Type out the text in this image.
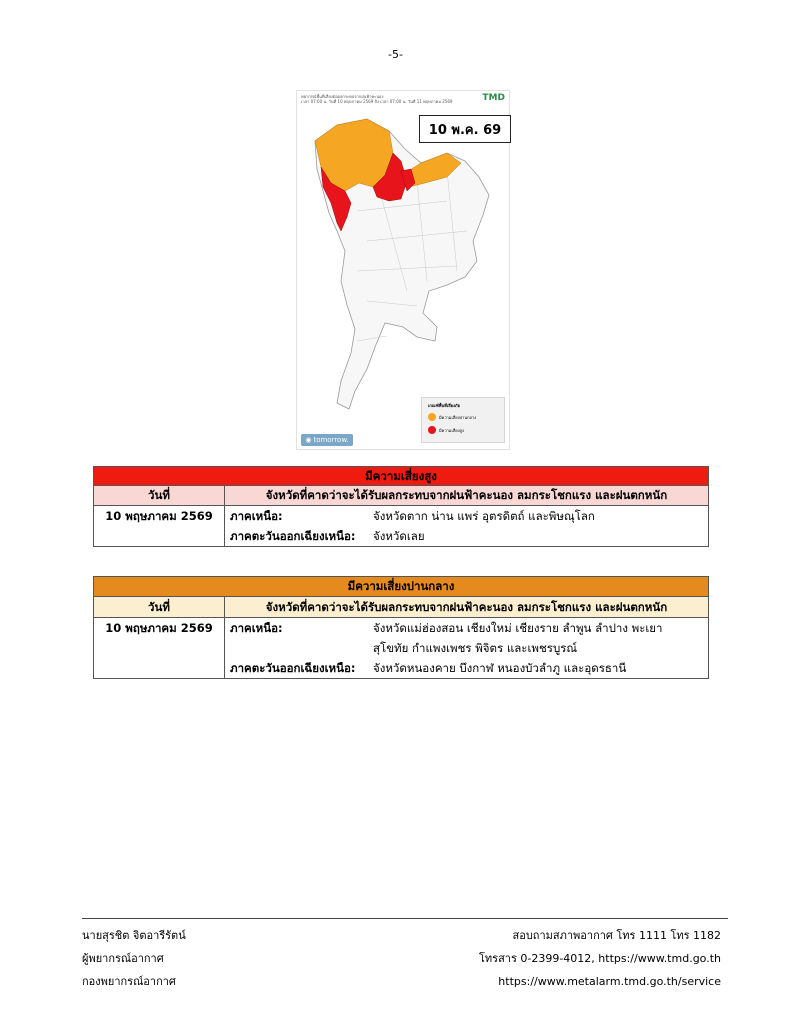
-5-
พยากรณ์พื้นที่เสี่ยงต่อผลกระทบจากฝนฟ้าคะนอง
เวลา 07:00 น. วันที่ 10 พฤษภาคม 2569 ถึง เวลา 07:00 น. วันที่ 11 พฤษภาคม 2569	TMD
10 พ.ค. 69
เกณฑ์พื้นที่เสี่ยงภัย
มีความเสี่ยงปานกลาง
มีความเสี่ยงสูง
◉ tomorrow.
มีความเสี่ยงสูง	
วันที่	จังหวัดที่คาดว่าจะได้รับผลกระทบจากฝนฟ้าคะนอง ลมกระโชกแรง และฝนตกหนัก
10 พฤษภาคม 2569	ภาคเหนือ: จังหวัดตาก น่าน แพร่ อุตรดิตถ์ และพิษณุโลก
ภาคตะวันออกเฉียงเหนือ: จังหวัดเลย
มีความเสี่ยงปานกลาง	
วันที่	จังหวัดที่คาดว่าจะได้รับผลกระทบจากฝนฟ้าคะนอง ลมกระโชกแรง และฝนตกหนัก
10 พฤษภาคม 2569	ภาคเหนือ: จังหวัดแม่ฮ่องสอน เชียงใหม่ เชียงราย ลำพูน ลำปาง พะเยา
สุโขทัย กำแพงเพชร พิจิตร และเพชรบูรณ์
ภาคตะวันออกเฉียงเหนือ: จังหวัดหนองคาย บึงกาฬ หนองบัวลำภู และอุดรธานี
นายสุรชิต จิตอารีรัตน์
ผู้พยากรณ์อากาศ
กองพยากรณ์อากาศ
สอบถามสภาพอากาศ โทร 1111 โทร 1182
โทรสาร 0-2399-4012, https://www.tmd.go.th
https://www.metalarm.tmd.go.th/service
